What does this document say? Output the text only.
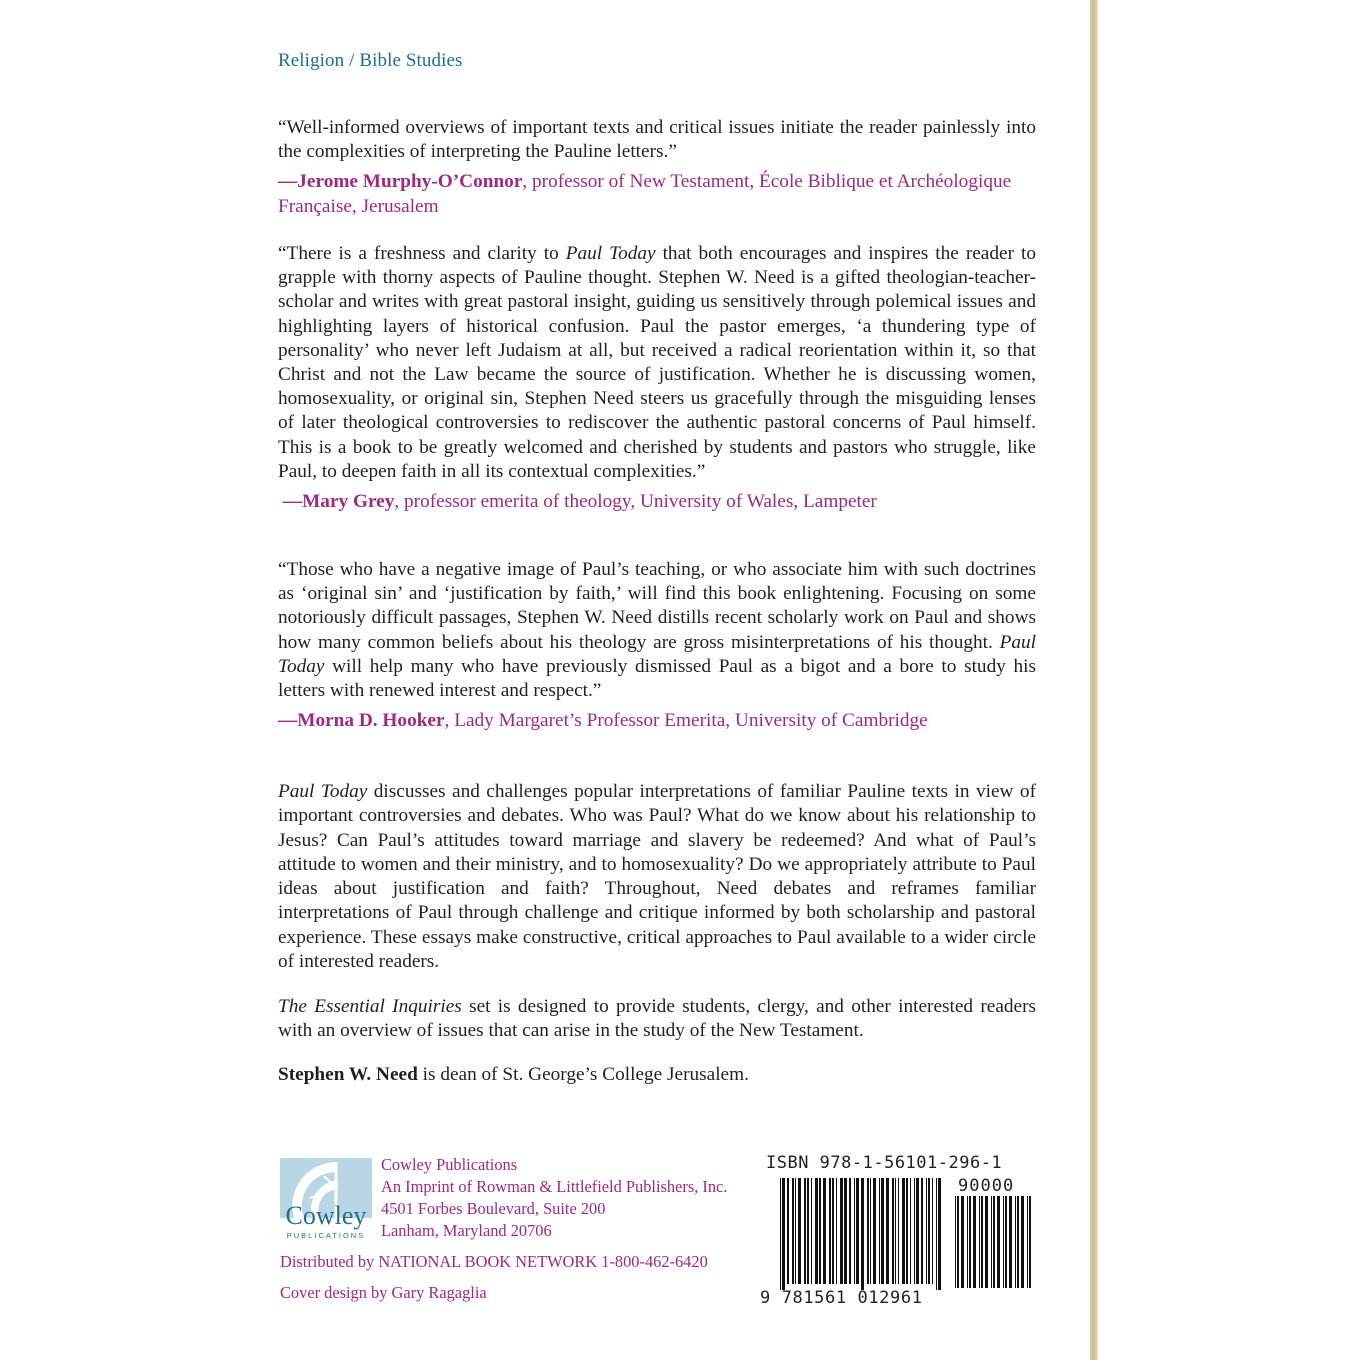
Religion / Bible Studies

“Well-informed overviews of important texts and critical issues initiate the reader painlessly into the complexities of interpreting the Pauline letters.”

—Jerome Murphy-O’Connor, professor of New Testament, École Biblique et Archéologique Française, Jerusalem

“There is a freshness and clarity to Paul Today that both encourages and inspires the reader to grapple with thorny aspects of Pauline thought. Stephen W. Need is a gifted theologian-teacher-scholar and writes with great pastoral insight, guiding us sensitively through polemical issues and highlighting layers of historical confusion. Paul the pastor emerges, ‘a thundering type of personality’ who never left Judaism at all, but received a radical reorientation within it, so that Christ and not the Law became the source of justification. Whether he is discussing women, homosexuality, or original sin, Stephen Need steers us gracefully through the misguiding lenses of later theological controversies to rediscover the authentic pastoral concerns of Paul himself. This is a book to be greatly welcomed and cherished by students and pastors who struggle, like Paul, to deepen faith in all its contextual complexities.”

—Mary Grey, professor emerita of theology, University of Wales, Lampeter

“Those who have a negative image of Paul’s teaching, or who associate him with such doctrines as ‘original sin’ and ‘justification by faith,’ will find this book enlightening. Focusing on some notoriously difficult passages, Stephen W. Need distills recent scholarly work on Paul and shows how many common beliefs about his theology are gross misinterpretations of his thought. Paul Today will help many who have previously dismissed Paul as a bigot and a bore to study his letters with renewed interest and respect.”

—Morna D. Hooker, Lady Margaret’s Professor Emerita, University of Cambridge

Paul Today discusses and challenges popular interpretations of familiar Pauline texts in view of important controversies and debates. Who was Paul? What do we know about his relationship to Jesus? Can Paul’s attitudes toward marriage and slavery be redeemed? And what of Paul’s attitude to women and their ministry, and to homosexuality? Do we appropriately attribute to Paul ideas about justification and faith? Throughout, Need debates and reframes familiar interpretations of Paul through challenge and critique informed by both scholarship and pastoral experience. These essays make constructive, critical approaches to Paul available to a wider circle of interested readers.

The Essential Inquiries set is designed to provide students, clergy, and other interested readers with an overview of issues that can arise in the study of the New Testament.

Stephen W. Need is dean of St. George’s College Jerusalem.

Cowley
PUBLICATIONS
Cowley Publications
An Imprint of Rowman & Littlefield Publishers, Inc.
4501 Forbes Boulevard, Suite 200
Lanham, Maryland 20706
Distributed by NATIONAL BOOK NETWORK 1-800-462-6420
Cover design by Gary Ragaglia
ISBN 978-1-56101-296-1
90000
9 781561 012961
